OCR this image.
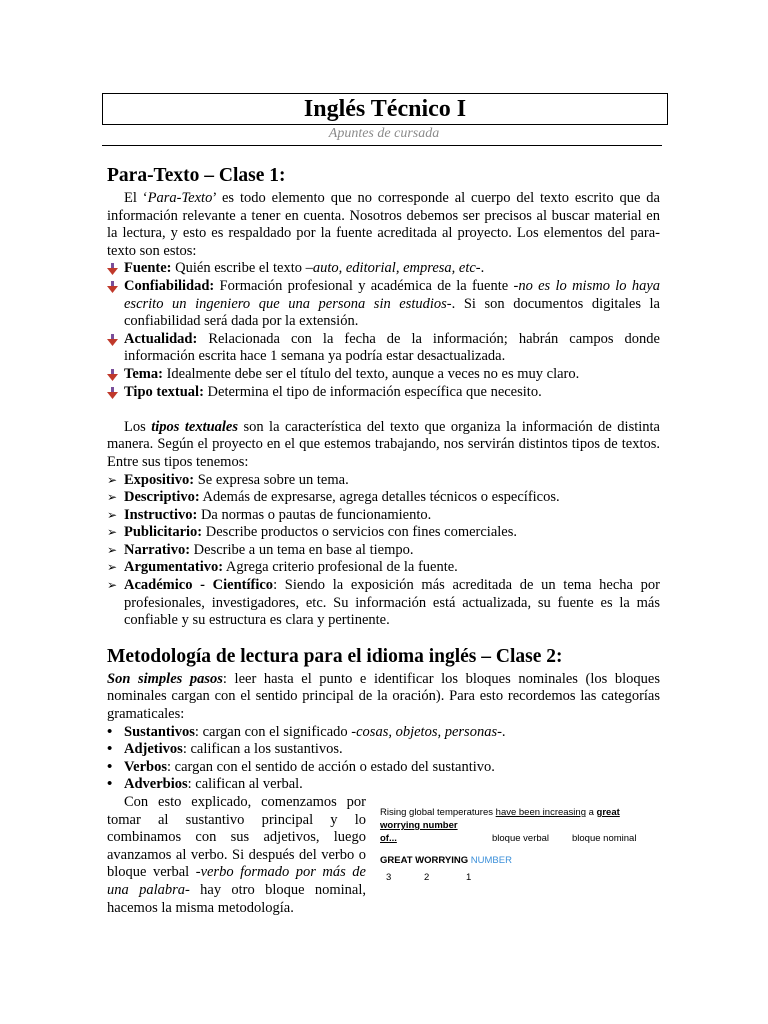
Inglés Técnico I
Apuntes de cursada
Para-Texto – Clase 1:

El ‘Para-Texto’ es todo elemento que no corresponde al cuerpo del texto escrito que da información relevante a tener en cuenta. Nosotros debemos ser precisos al buscar material en la lectura, y esto es respaldado por la fuente acreditada al proyecto. Los elementos del para-texto son estos:

Fuente: Quién escribe el texto –auto, editorial, empresa, etc-.
Confiabilidad: Formación profesional y académica de la fuente -no es lo mismo lo haya escrito un ingeniero que una persona sin estudios-. Si son documentos digitales la confiabilidad será dada por la extensión.
Actualidad: Relacionada con la fecha de la información; habrán campos donde información escrita hace 1 semana ya podría estar desactualizada.
Tema: Idealmente debe ser el título del texto, aunque a veces no es muy claro.
Tipo textual: Determina el tipo de información específica que necesito.

Los tipos textuales son la característica del texto que organiza la información de distinta manera. Según el proyecto en el que estemos trabajando, nos servirán distintos tipos de textos. Entre sus tipos tenemos:

➢ Expositivo: Se expresa sobre un tema.
➢ Descriptivo: Además de expresarse, agrega detalles técnicos o específicos.
➢ Instructivo: Da normas o pautas de funcionamiento.
➢ Publicitario: Describe productos o servicios con fines comerciales.
➢ Narrativo: Describe a un tema en base al tiempo.
➢ Argumentativo: Agrega criterio profesional de la fuente.
➢ Académico - Científico: Siendo la exposición más acreditada de un tema hecha por profesionales, investigadores, etc. Su información está actualizada, su fuente es la más confiable y su estructura es clara y pertinente.
Metodología de lectura para el idioma inglés – Clase 2:

Son simples pasos: leer hasta el punto e identificar los bloques nominales (los bloques nominales cargan con el sentido principal de la oración). Para esto recordemos las categorías gramaticales:

• Sustantivos: cargan con el significado -cosas, objetos, personas-.
• Adjetivos: califican a los sustantivos.
• Verbos: cargan con el sentido de acción o estado del sustantivo.
• Adverbios: califican al verbal.
Rising global temperatures have been increasing a great worrying number
of...	bloque verbal bloque nominal
GREAT WORRYING NUMBER
3	2	1

Con esto explicado, comenzamos por tomar al sustantivo principal y lo combinamos con sus adjetivos, luego avanzamos al verbo. Si después del verbo o bloque verbal -verbo formado por más de una palabra- hay otro bloque nominal, hacemos la misma metodología.
